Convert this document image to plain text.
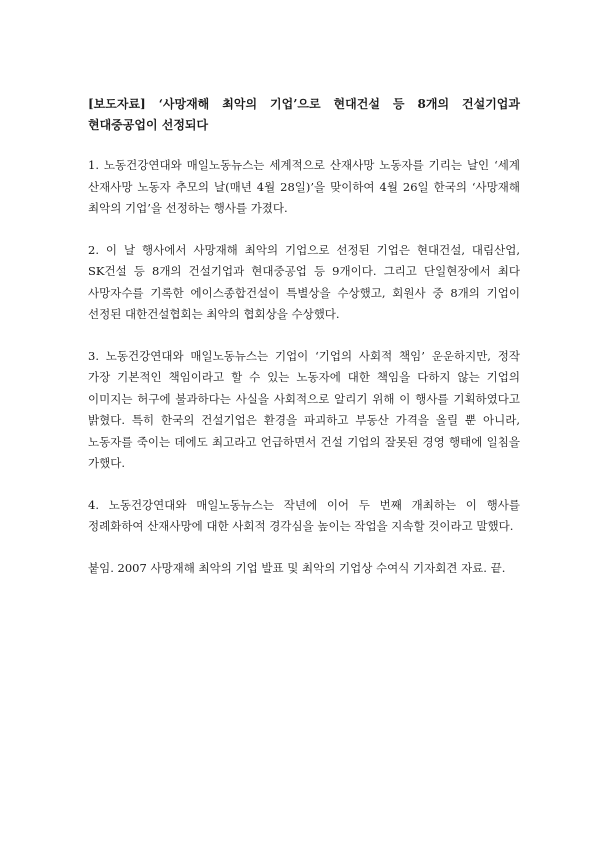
[보도자료] ‘사망재해 최악의 기업’으로 현대건설 등 8개의 건설기업과 현대중공업이 선정되다

1. 노동건강연대와 매일노동뉴스는 세계적으로 산재사망 노동자를 기리는 날인 ‘세계 산재사망 노동자 추모의 날(매년 4월 28일)’을 맞이하여 4월 26일 한국의 ‘사망재해 최악의 기업’을 선정하는 행사를 가졌다.

2. 이 날 행사에서 사망재해 최악의 기업으로 선정된 기업은 현대건설, 대림산업, SK건설 등 8개의 건설기업과 현대중공업 등 9개이다. 그리고 단일현장에서 최다 사망자수를 기록한 에이스종합건설이 특별상을 수상했고, 회원사 중 8개의 기업이 선정된 대한건설협회는 최악의 협회상을 수상했다.

3. 노동건강연대와 매일노동뉴스는 기업이 ‘기업의 사회적 책임’ 운운하지만, 정작 가장 기본적인 책임이라고 할 수 있는 노동자에 대한 책임을 다하지 않는 기업의 이미지는 허구에 불과하다는 사실을 사회적으로 알리기 위해 이 행사를 기획하였다고 밝혔다. 특히 한국의 건설기업은 환경을 파괴하고 부동산 가격을 올릴 뿐 아니라, 노동자를 죽이는 데에도 최고라고 언급하면서 건설 기업의 잘못된 경영 행태에 일침을 가했다.

4. 노동건강연대와 매일노동뉴스는 작년에 이어 두 번째 개최하는 이 행사를 정례화하여 산재사망에 대한 사회적 경각심을 높이는 작업을 지속할 것이라고 말했다.

붙임. 2007 사망재해 최악의 기업 발표 및 최악의 기업상 수여식 기자회견 자료. 끝.
